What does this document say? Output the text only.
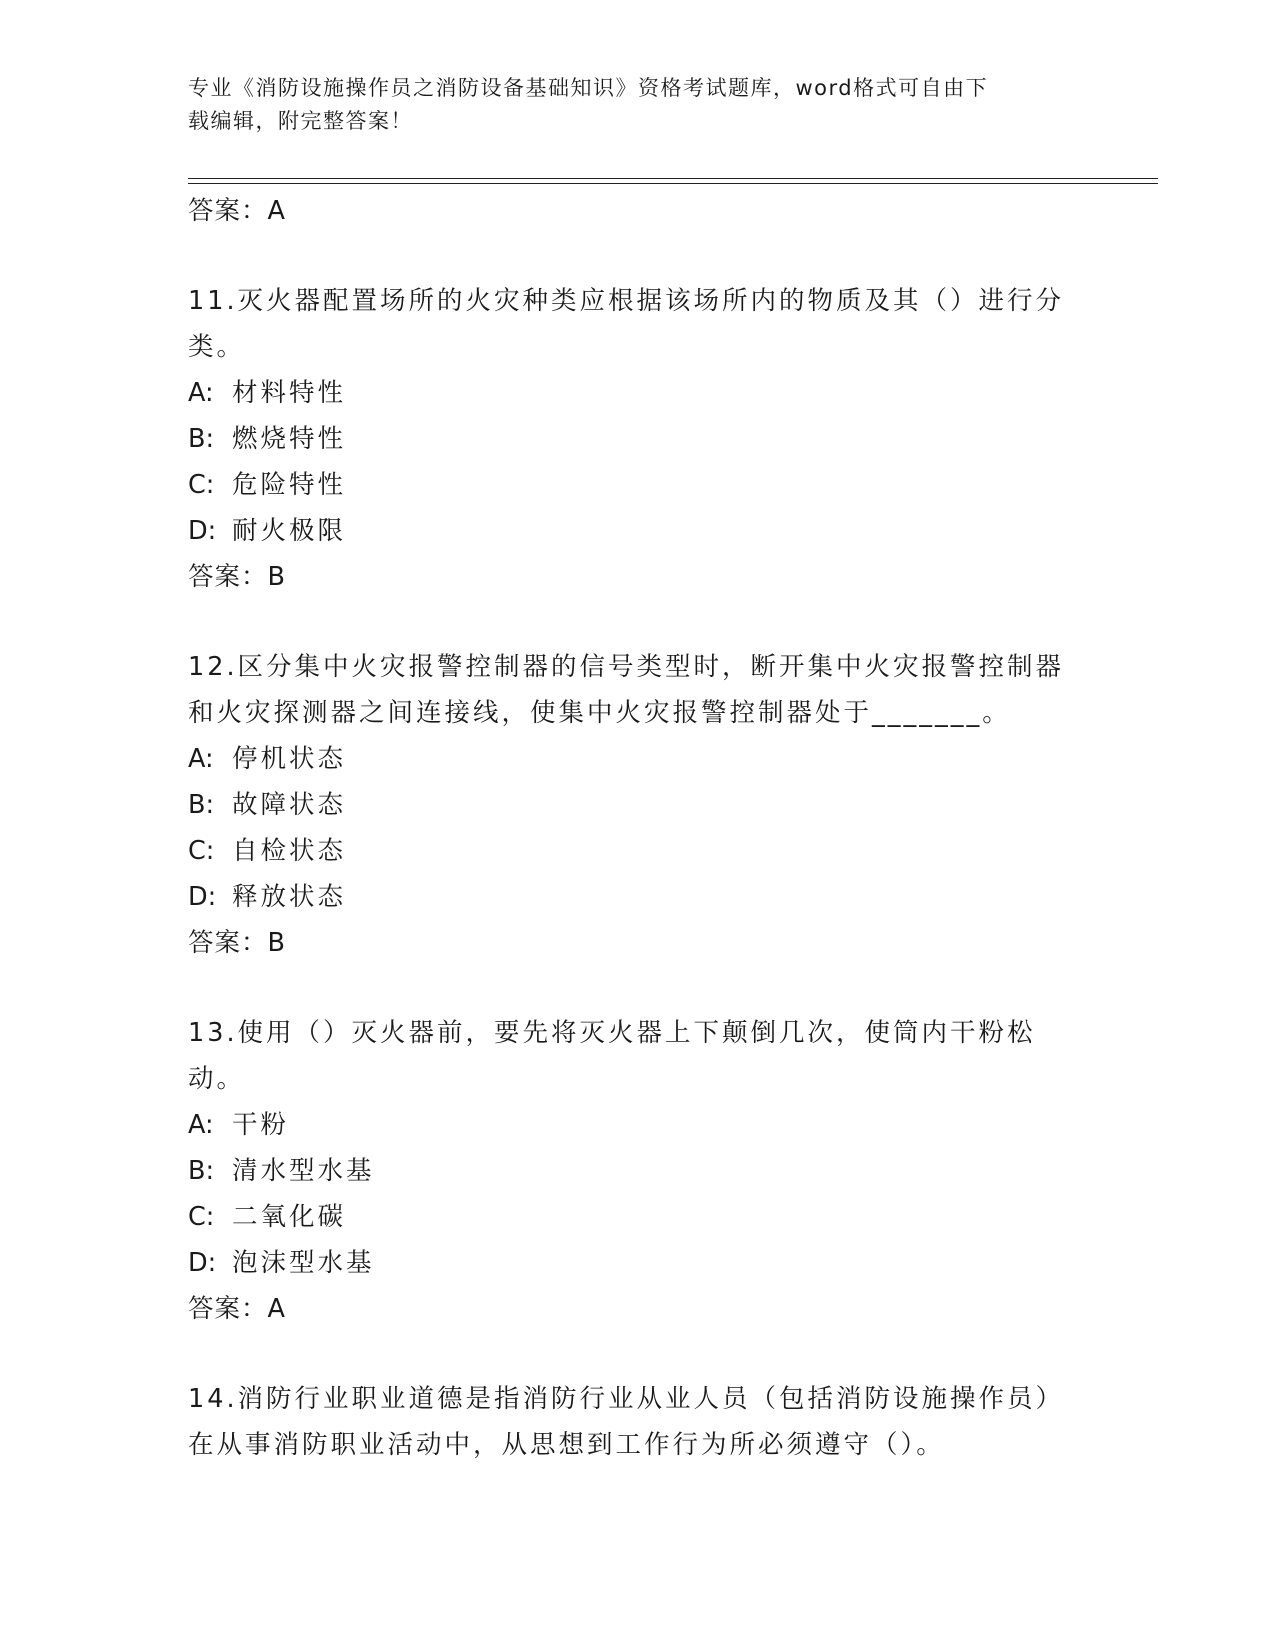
专业《消防设施操作员之消防设备基础知识》资格考试题库，word格式可自由下
载编辑，附完整答案！
答案：A
11.灭火器配置场所的火灾种类应根据该场所内的物质及其（）进行分类。
A: 材料特性
B: 燃烧特性
C: 危险特性
D: 耐火极限
答案：B
12.区分集中火灾报警控制器的信号类型时，断开集中火灾报警控制器和火灾探测器之间连接线，使集中火灾报警控制器处于_______。
A: 停机状态
B: 故障状态
C: 自检状态
D: 释放状态
答案：B
13.使用（）灭火器前，要先将灭火器上下颠倒几次，使筒内干粉松动。
A: 干粉
B: 清水型水基
C: 二氧化碳
D: 泡沫型水基
答案：A
14.消防行业职业道德是指消防行业从业人员（包括消防设施操作员）在从事消防职业活动中，从思想到工作行为所必须遵守（）。
